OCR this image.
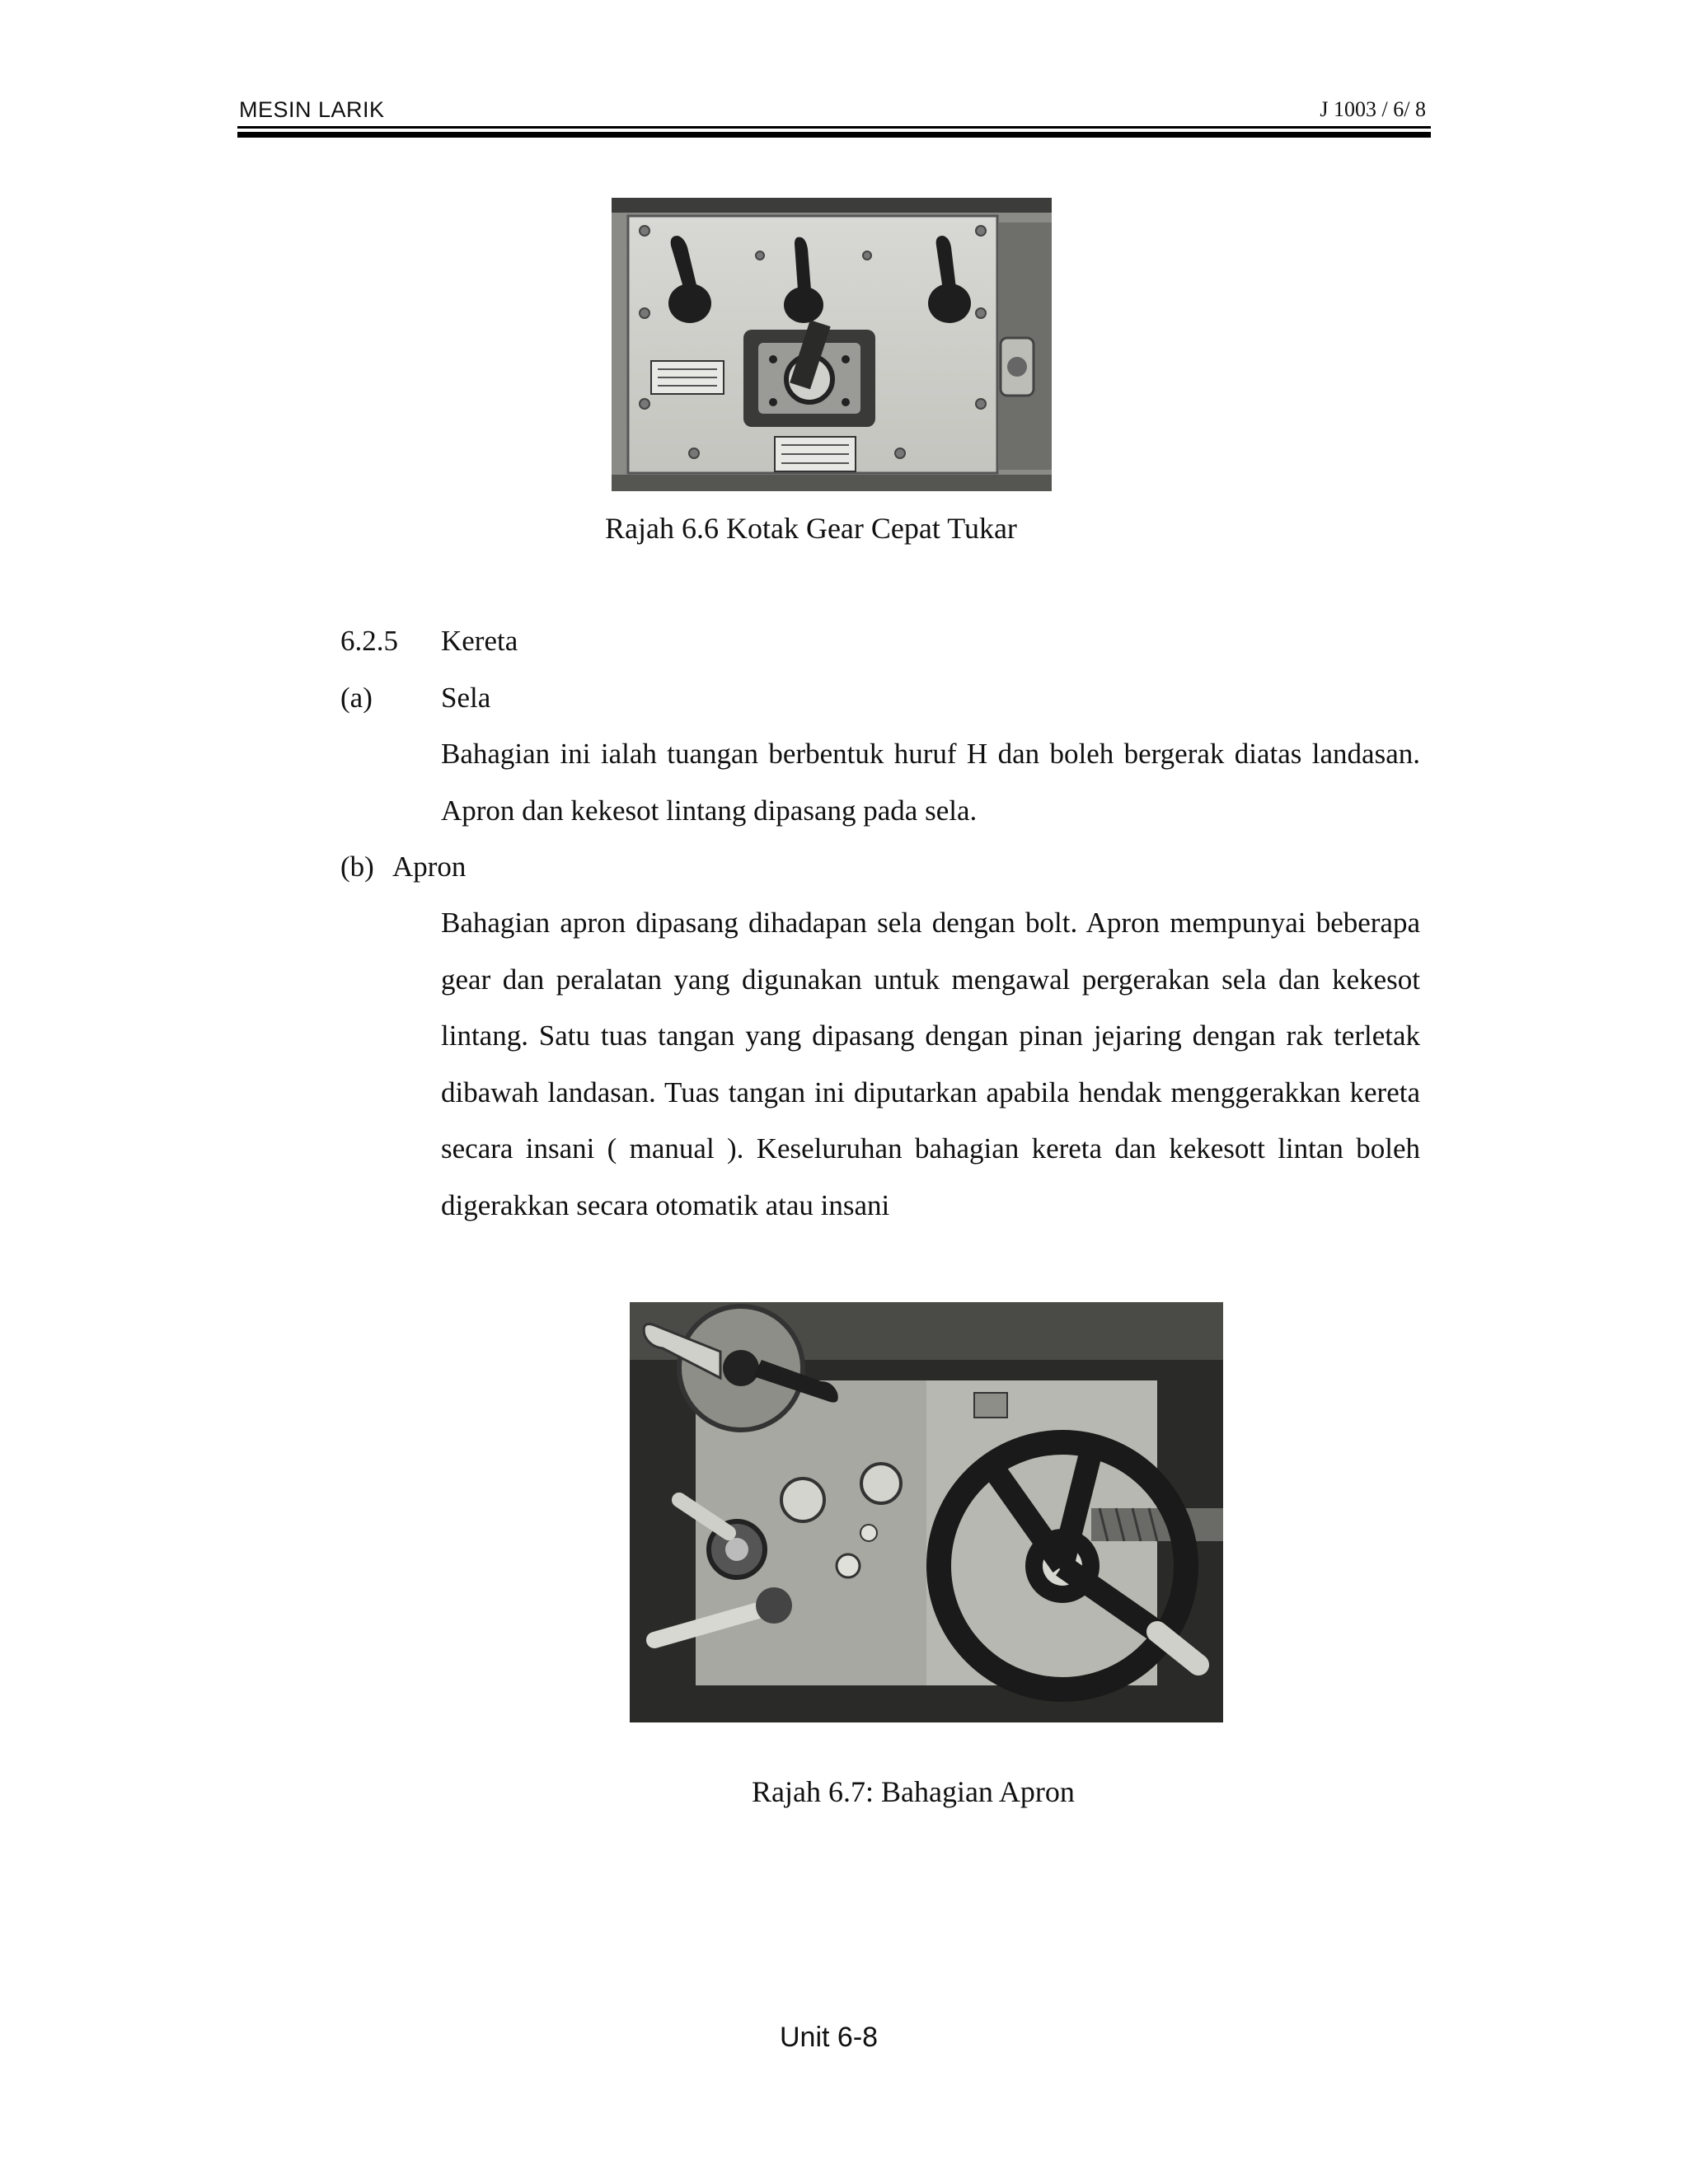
MESIN LARIK	J 1003 / 6/ 8
Rajah 6.6 Kotak Gear Cepat Tukar
6.2.5 Kereta
(a) Sela

Bahagian ini ialah tuangan berbentuk huruf H dan boleh bergerak diatas landasan. Apron dan kekesot lintang dipasang pada sela.

(b) Apron

Bahagian apron dipasang dihadapan sela dengan bolt. Apron mempunyai beberapa gear dan peralatan yang digunakan untuk mengawal pergerakan sela dan kekesot lintang. Satu tuas tangan yang dipasang dengan pinan jejaring dengan rak terletak dibawah landasan. Tuas tangan ini diputarkan apabila hendak menggerakkan kereta secara insani ( manual ). Keseluruhan bahagian kereta dan kekesott lintan boleh digerakkan secara otomatik atau insani

Rajah 6.7: Bahagian Apron
Unit 6-8
